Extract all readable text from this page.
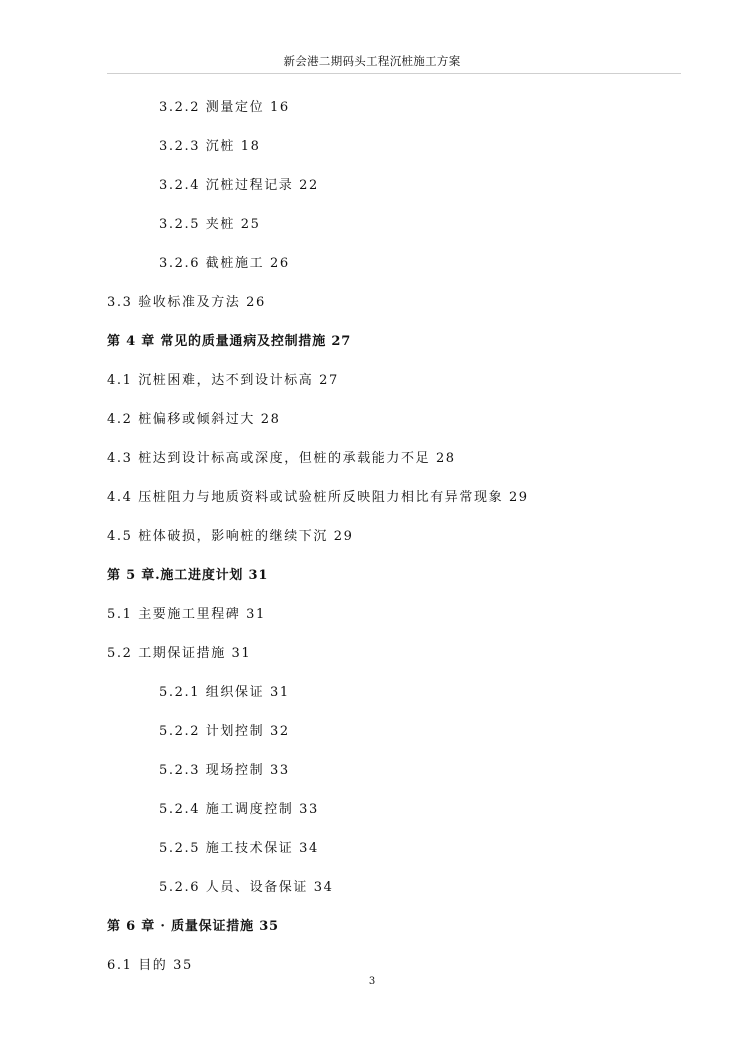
新会港二期码头工程沉桩施工方案
3.2.2 测量定位 16
3.2.3 沉桩 18
3.2.4 沉桩过程记录 22
3.2.5 夹桩 25
3.2.6 截桩施工 26
3.3 验收标准及方法 26
第 4 章 常见的质量通病及控制措施 27
4.1 沉桩困难，达不到设计标高 27
4.2 桩偏移或倾斜过大 28
4.3 桩达到设计标高或深度，但桩的承载能力不足 28
4.4 压桩阻力与地质资料或试验桩所反映阻力相比有异常现象 29
4.5 桩体破损，影响桩的继续下沉 29
第 5 章.施工进度计划 31
5.1 主要施工里程碑 31
5.2 工期保证措施 31
5.2.1 组织保证 31
5.2.2 计划控制 32
5.2.3 现场控制 33
5.2.4 施工调度控制 33
5.2.5 施工技术保证 34
5.2.6 人员、设备保证 34
第 6 章 · 质量保证措施 35
6.1 目的 35
3
